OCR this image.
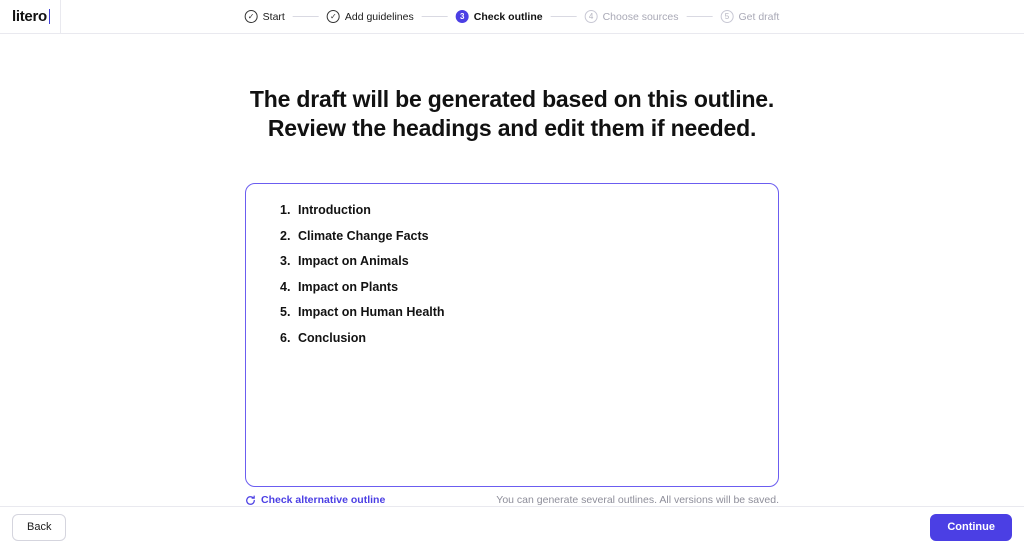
litero	✓ Start	✓ Add guidelines	3 Check outline	4 Choose sources	5 Get draft
The draft will be generated based on this outline.
Review the headings and edit them if needed.
1. Introduction
2. Climate Change Facts
3. Impact on Animals
4. Impact on Plants
5. Impact on Human Health
6. Conclusion
Check alternative outline	You can generate several outlines. All versions will be saved.
Back	Continue
